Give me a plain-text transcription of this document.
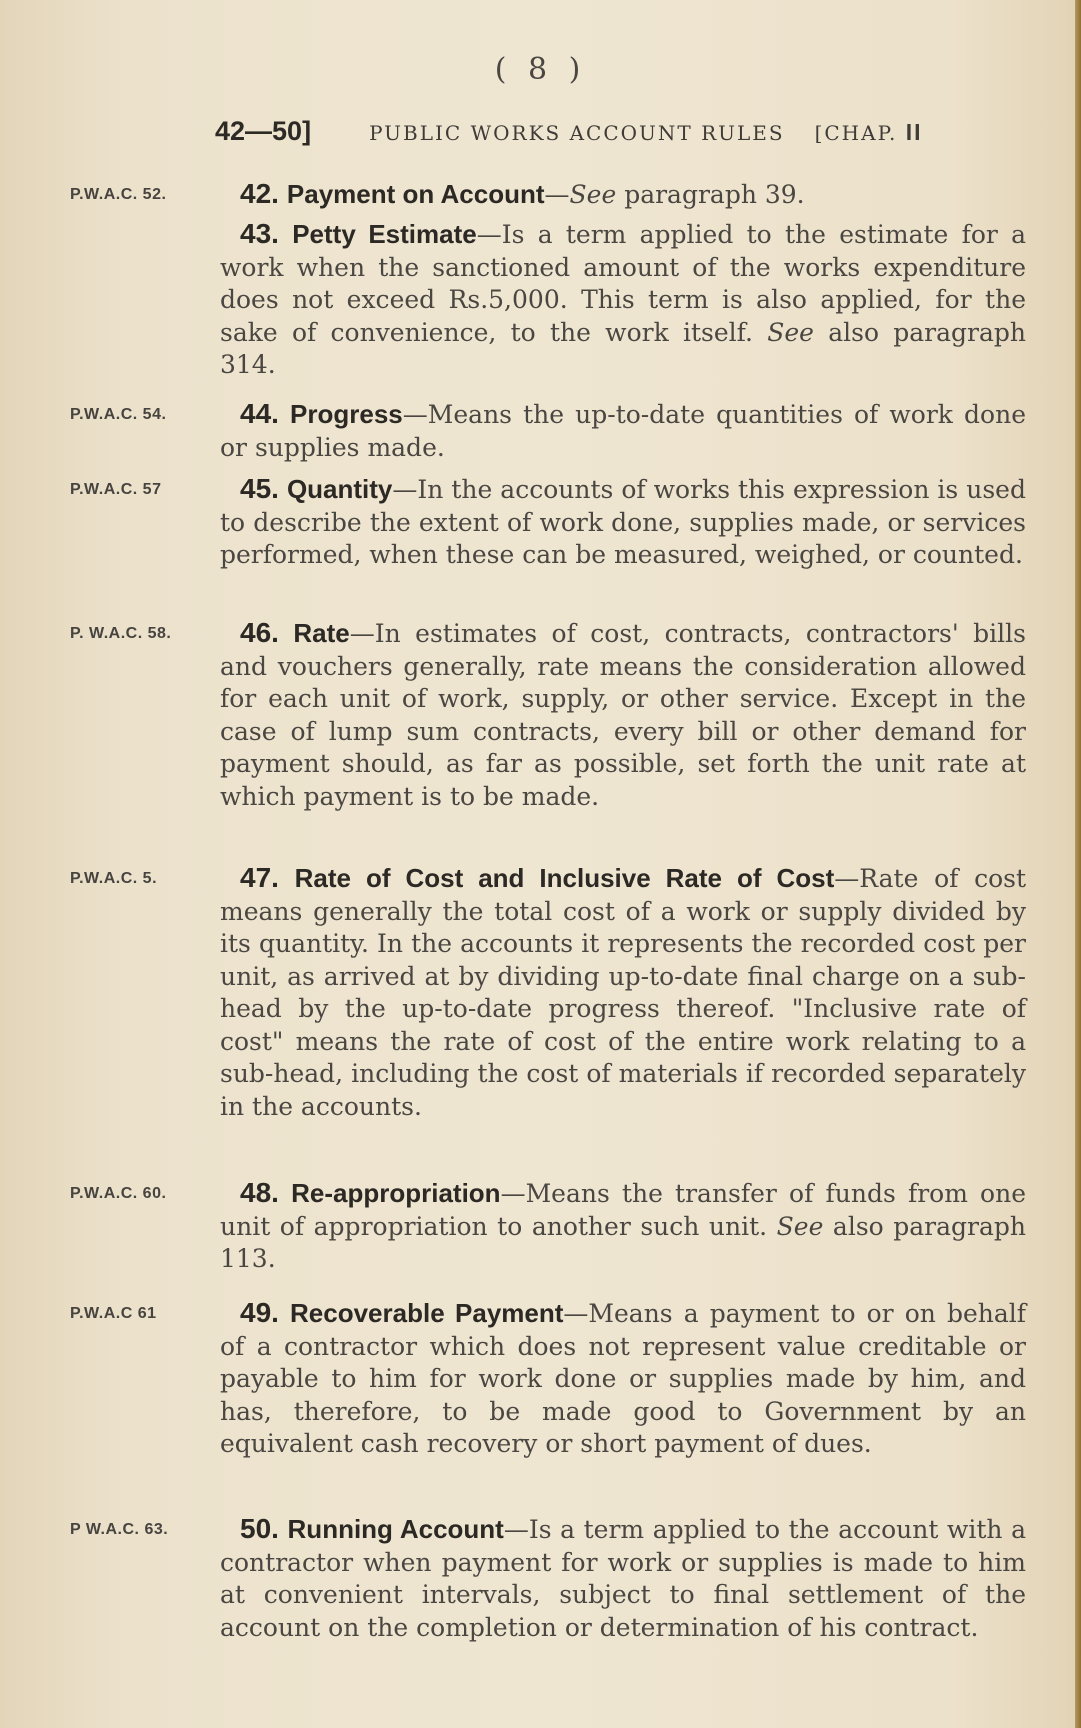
( 8 )
42—50]	PUBLIC WORKS ACCOUNT RULES [CHAP. II
P.W.A.C. 52.	42. Payment on Account—See paragraph 39.

43. Petty Estimate—Is a term applied to the estimate for a work when the sanctioned amount of the works expenditure does not exceed Rs.5,000. This term is also applied, for the sake of convenience, to the work itself. See also paragraph 314.

P.W.A.C. 54.	44. Progress—Means the up-to-date quantities of work done or supplies made.

P.W.A.C. 57	45. Quantity—In the accounts of works this expression is used to describe the extent of work done, supplies made, or services performed, when these can be measured, weighed, or counted.

P. W.A.C. 58.	46. Rate—In estimates of cost, contracts, contractors' bills and vouchers generally, rate means the consideration allowed for each unit of work, supply, or other service. Except in the case of lump sum contracts, every bill or other demand for payment should, as far as possible, set forth the unit rate at which payment is to be made.

P.W.A.C. 5.	47. Rate of Cost and Inclusive Rate of Cost—Rate of cost means generally the total cost of a work or supply divided by its quantity. In the accounts it represents the recorded cost per unit, as arrived at by dividing up-to-date final charge on a sub-head by the up-to-date progress thereof. "Inclusive rate of cost" means the rate of cost of the entire work relating to a sub-head, including the cost of materials if recorded separately in the accounts.

P.W.A.C. 60.	48. Re-appropriation—Means the transfer of funds from one unit of appropriation to another such unit. See also paragraph 113.

P.W.A.C 61	49. Recoverable Payment—Means a payment to or on behalf of a contractor which does not represent value creditable or payable to him for work done or supplies made by him, and has, therefore, to be made good to Government by an equivalent cash recovery or short payment of dues.

P W.A.C. 63.	50. Running Account—Is a term applied to the account with a contractor when payment for work or supplies is made to him at convenient intervals, subject to final settlement of the account on the completion or determination of his contract.
